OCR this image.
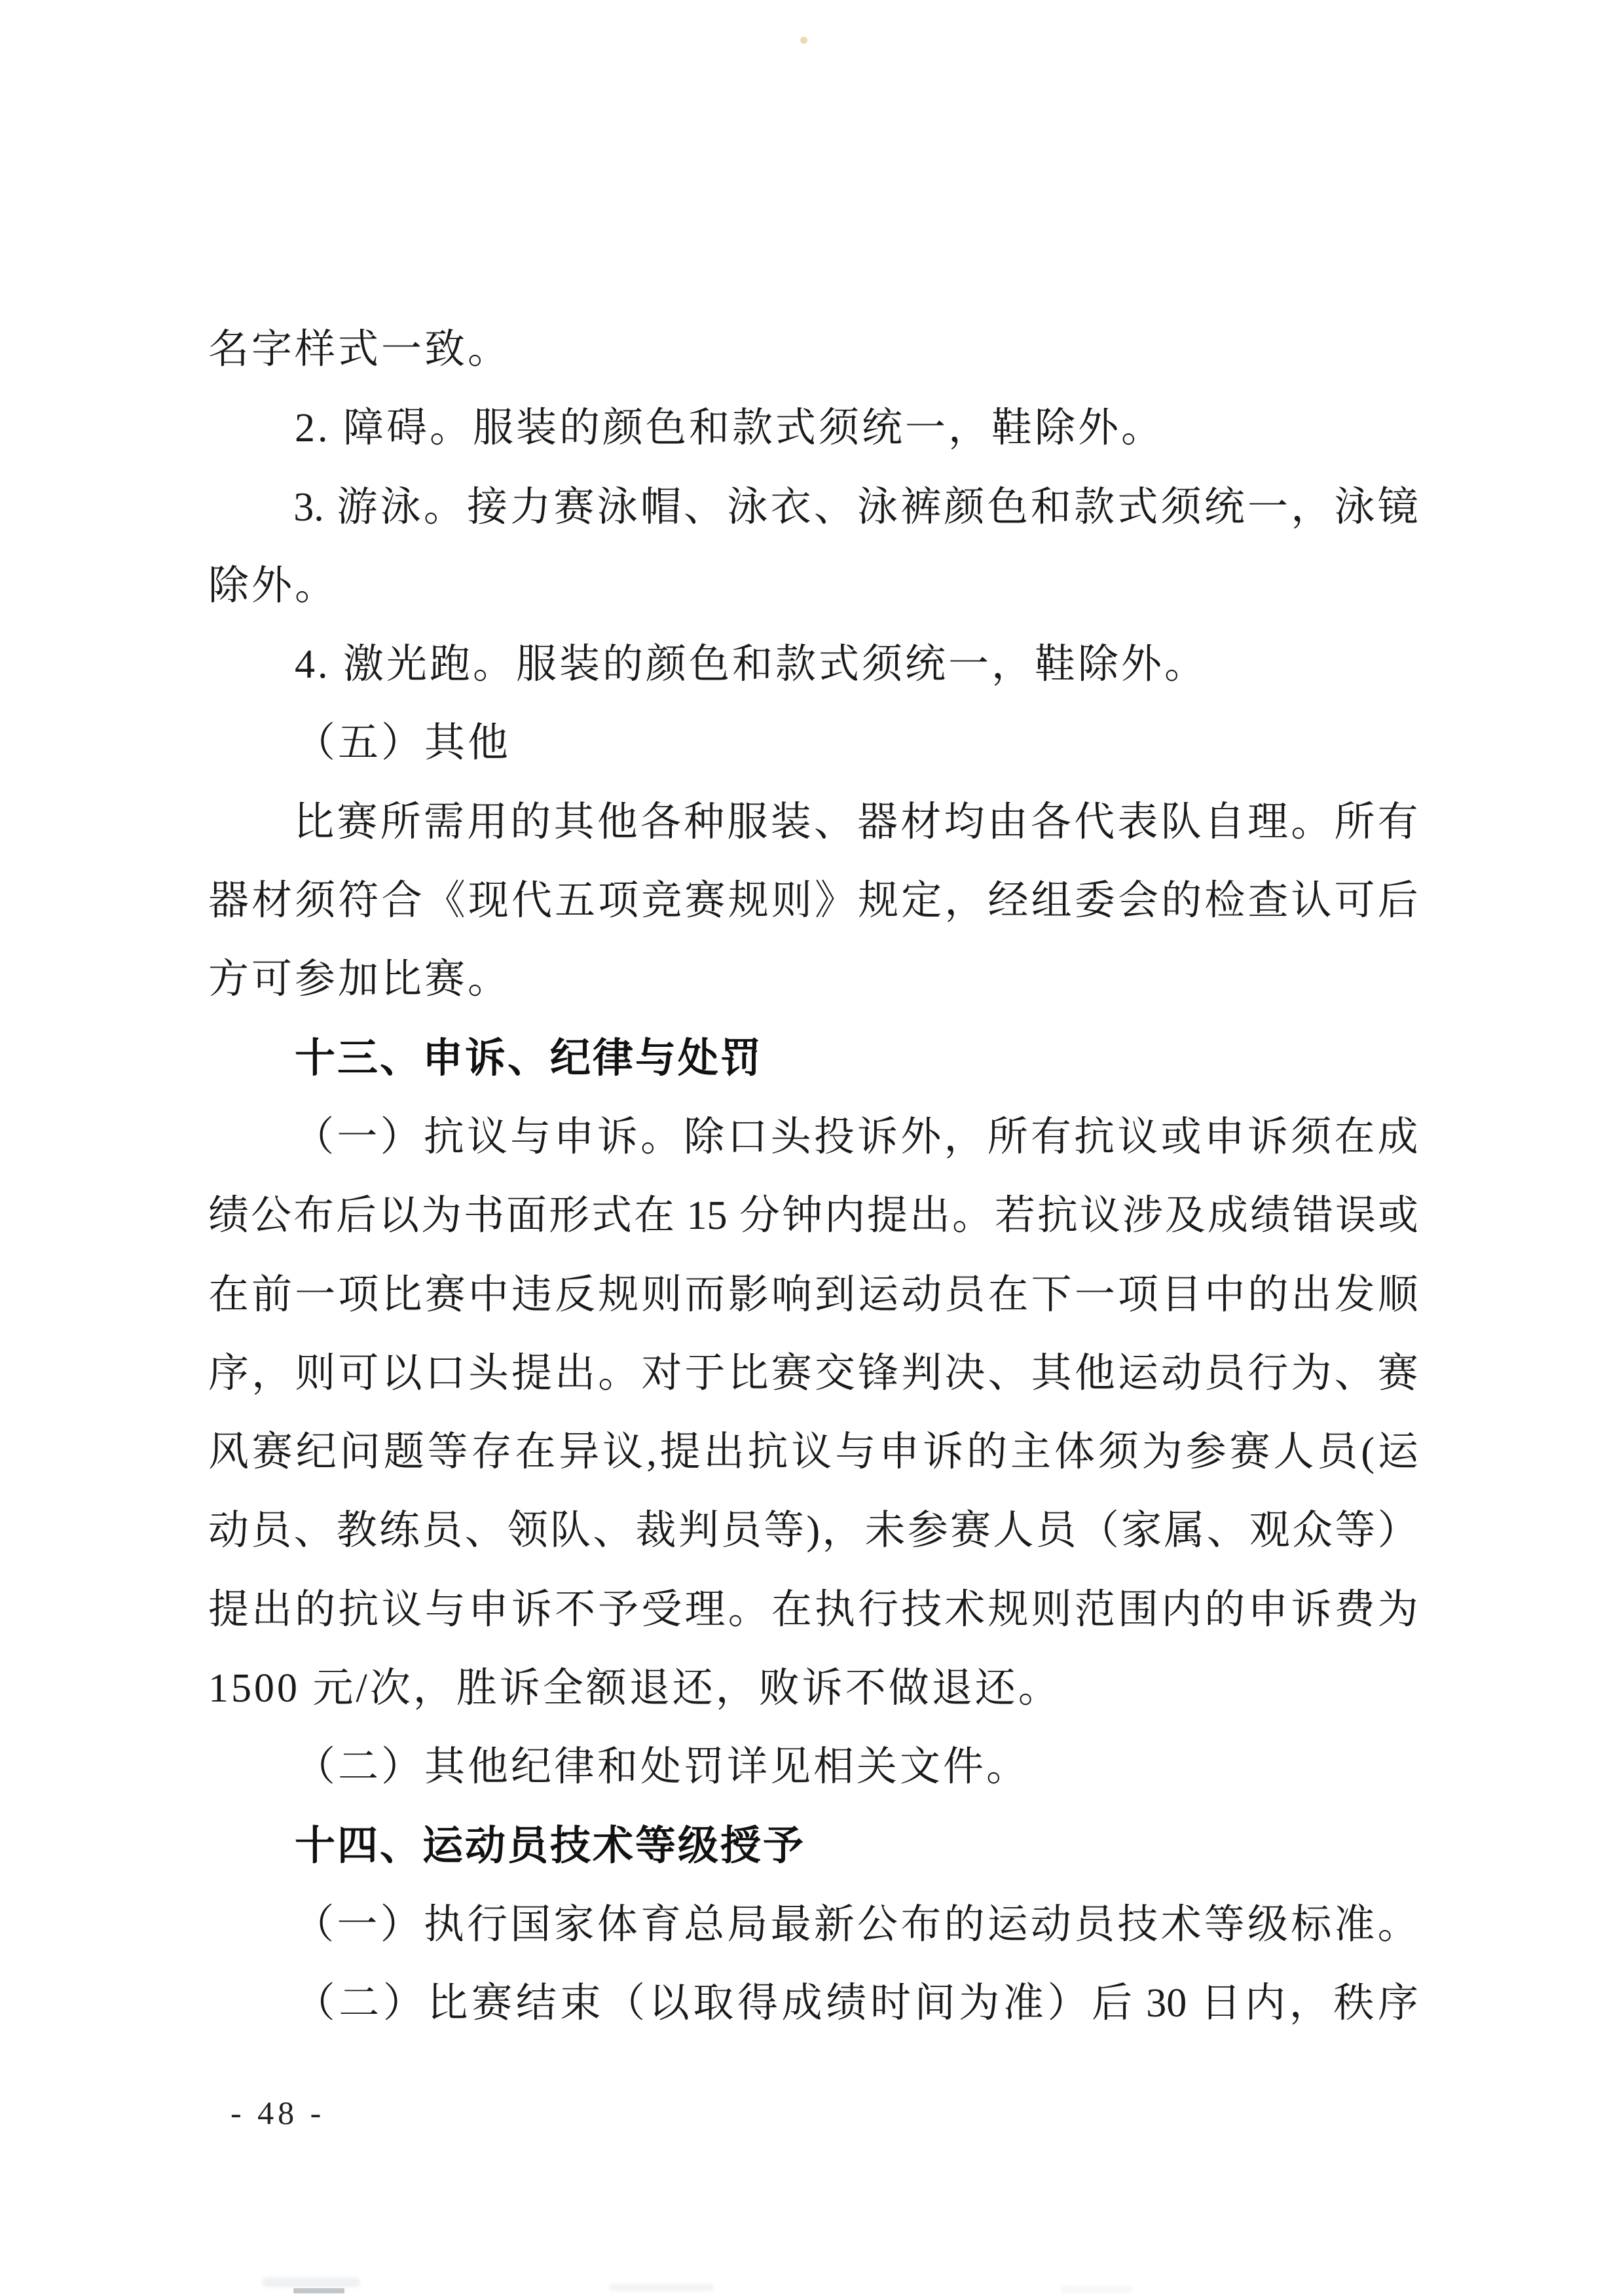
名字样式一致。
2. 障碍。服装的颜色和款式须统一，鞋除外。
3. 游 泳 。 接 力 赛 泳 帽 、 泳 衣 、 泳 裤 颜 色 和 款 式 须 统 一 ， 泳 镜
除外。
4. 激光跑。服装的颜色和款式须统一，鞋除外。
（五）其他
比 赛 所 需 用 的 其 他 各 种 服 装 、 器 材 均 由 各 代 表 队 自 理 。 所 有
器 材 须 符 合 《 现 代 五 项 竞 赛 规 则 》 规 定 ， 经 组 委 会 的 检 查 认 可 后
方可参加比赛。
十三、申诉、纪律与处罚
（ 一 ） 抗 议 与 申 诉 。 除 口 头 投 诉 外 ， 所 有 抗 议 或 申 诉 须 在 成
绩 公 布 后 以 为 书 面 形 式 在 15 分 钟 内 提 出 。 若 抗 议 涉 及 成 绩 错 误 或
在 前 一 项 比 赛 中 违 反 规 则 而 影 响 到 运 动 员 在 下 一 项 目 中 的 出 发 顺
序 ， 则 可 以 口 头 提 出 。 对 于 比 赛 交 锋 判 决 、 其 他 运 动 员 行 为 、 赛
风 赛 纪 问 题 等 存 在 异 议 , 提 出 抗 议 与 申 诉 的 主 体 须 为 参 赛 人 员 ( 运
动 员 、 教 练 员 、 领 队 、 裁 判 员 等 ) ， 未 参 赛 人 员 （ 家 属 、 观 众 等 ）
提 出 的 抗 议 与 申 诉 不 予 受 理 。 在 执 行 技 术 规 则 范 围 内 的 申 诉 费 为
1500 元/次，胜诉全额退还，败诉不做退还。
（二）其他纪律和处罚详见相关文件。
十四、运动员技术等级授予
（ 一 ） 执 行 国 家 体 育 总 局 最 新 公 布 的 运 动 员 技 术 等 级 标 准 。
（ 二 ） 比 赛 结 束 （ 以 取 得 成 绩 时 间 为 准 ） 后 30 日 内 ， 秩 序
- 48 -
